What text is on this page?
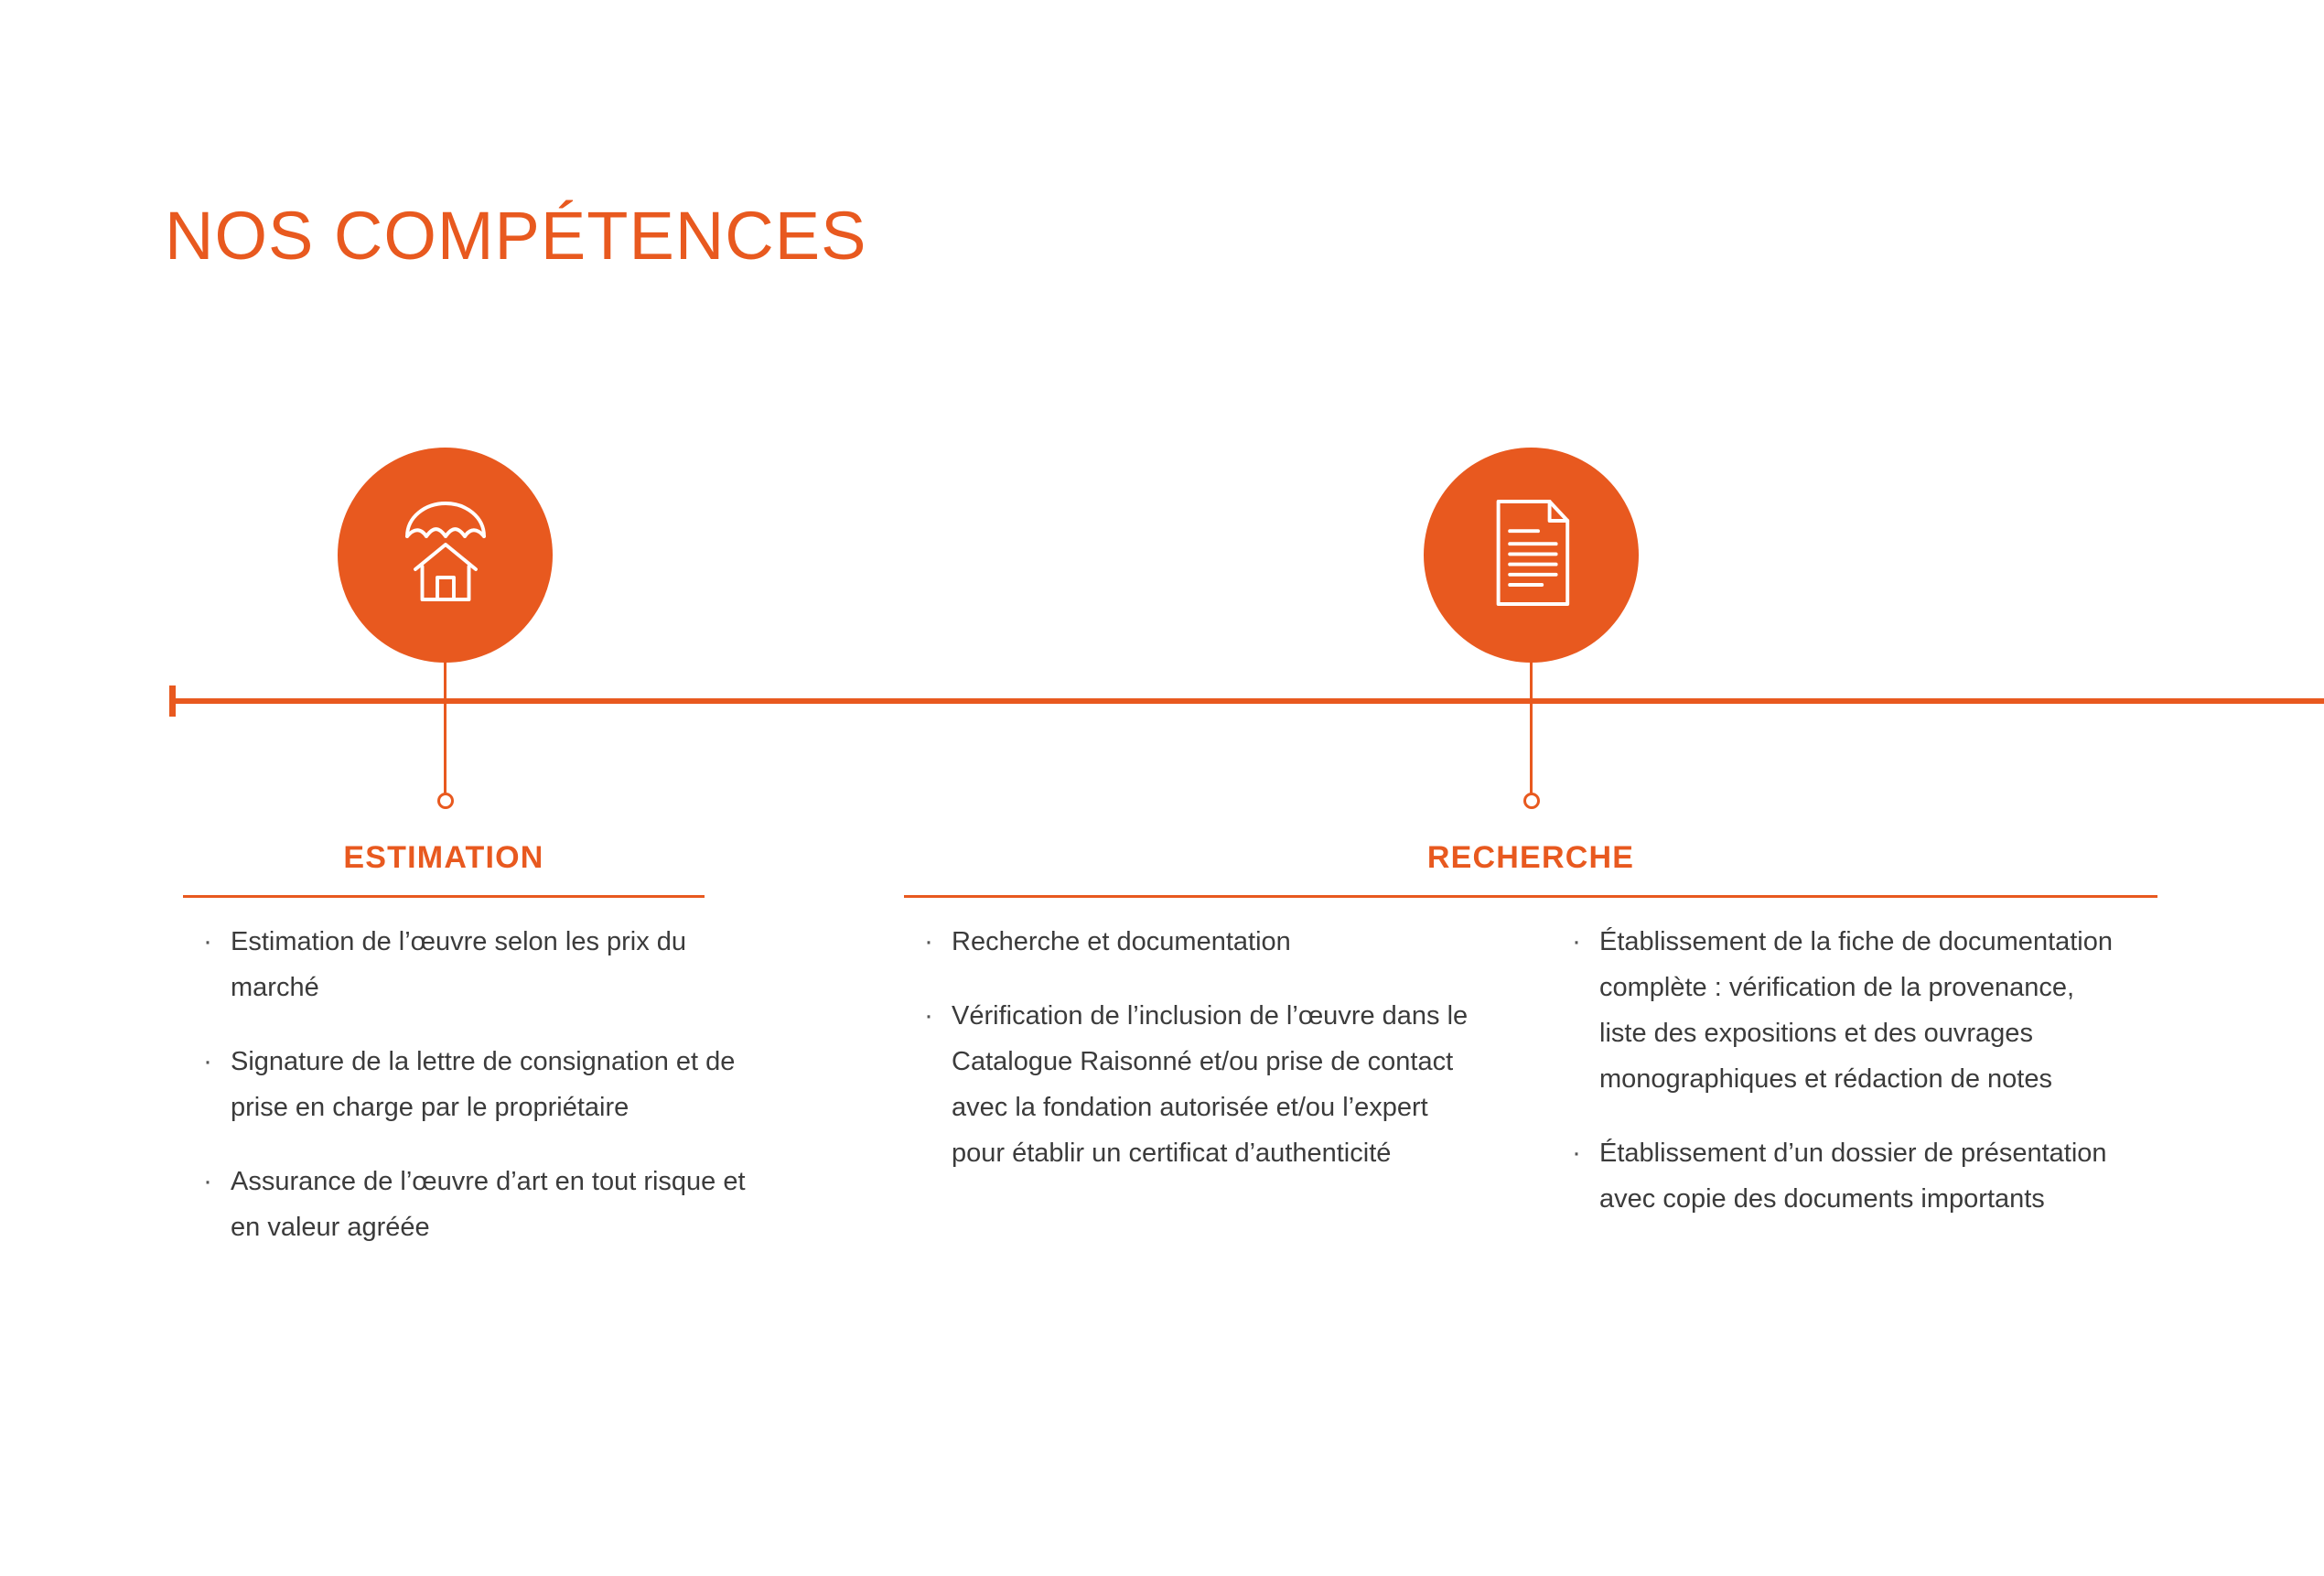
NOS COMPÉTENCES
ESTIMATION	RECHERCHE
· Estimation de l’œuvre selon les prix du marché
· Signature de la lettre de consignation et de prise en charge par le propriétaire
· Assurance de l’œuvre d’art en tout risque et en valeur agréée
· Recherche et documentation
· Vérification de l’inclusion de l’œuvre dans le Catalogue Raisonné et/ou prise de contact avec la fondation autorisée et/ou l’expert pour établir un certificat d’authenticité
· Établissement de la fiche de documentation complète : vérification de la provenance, liste des expositions et des ouvrages monographiques et rédaction de notes
· Établissement d’un dossier de présentation avec copie des documents importants
